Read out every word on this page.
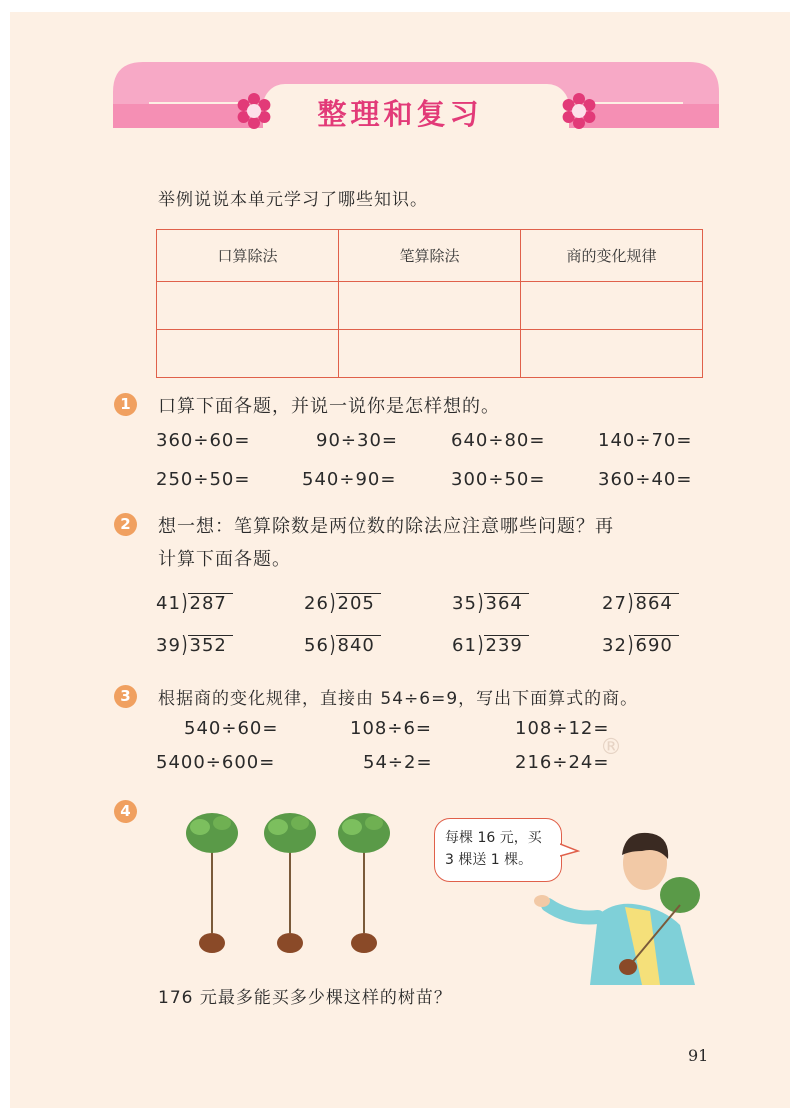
整理和复习
举例说说本单元学习了哪些知识。
口算除法	笔算除法	商的变化规律

1	口算下面各题，并说一说你是怎样想的。
360÷60=	90÷30=	640÷80=	140÷70=
250÷50=	540÷90=	300÷50=	360÷40=
2	想一想：笔算除数是两位数的除法应注意哪些问题？再
计算下面各题。
41)287	26)205	35)364	27)864
39)352	56)840	61)239	32)690
3	根据商的变化规律，直接由 54÷6=9，写出下面算式的商。
540÷60=	108÷6=	108÷12=
5400÷600=	54÷2=	216÷24=
®
4
每棵 16 元，买
3 棵送 1 棵。
176 元最多能买多少棵这样的树苗？
91
